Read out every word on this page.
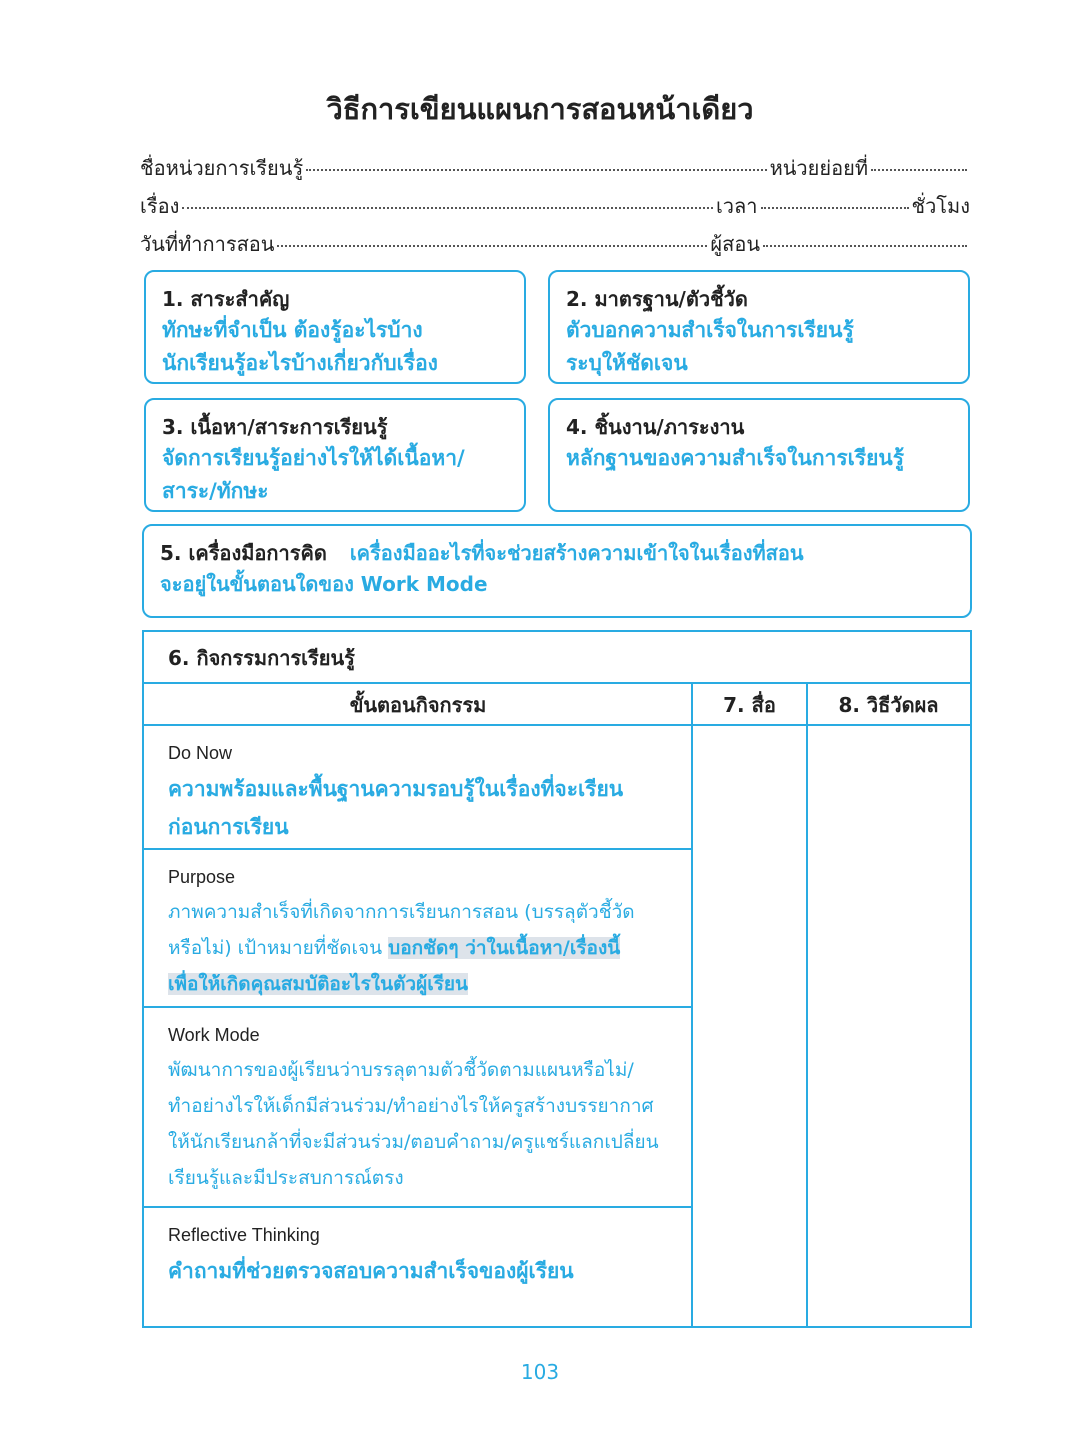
วิธีการเขียนแผนการสอนหน้าเดียว
ชื่อหน่วยการเรียนรู้	หน่วยย่อยที่
เรื่อง	เวลา	ชั่วโมง
วันที่ทำการสอน	ผู้สอน
1. สาระสำคัญ
ทักษะที่จำเป็น ต้องรู้อะไรบ้าง
นักเรียนรู้อะไรบ้างเกี่ยวกับเรื่อง
2. มาตรฐาน/ตัวชี้วัด
ตัวบอกความสำเร็จในการเรียนรู้
ระบุให้ชัดเจน
3. เนื้อหา/สาระการเรียนรู้
จัดการเรียนรู้อย่างไรให้ได้เนื้อหา/
สาระ/ทักษะ
4. ชิ้นงาน/ภาระงาน
หลักฐานของความสำเร็จในการเรียนรู้
5. เครื่องมือการคิด เครื่องมืออะไรที่จะช่วยสร้างความเข้าใจในเรื่องที่สอน
จะอยู่ในขั้นตอนใดของ Work Mode
6. กิจกรรมการเรียนรู้
ขั้นตอนกิจกรรม	7. สื่อ	8. วิธีวัดผล
Do Now
ความพร้อมและพื้นฐานความรอบรู้ในเรื่องที่จะเรียน
ก่อนการเรียน
Purpose
ภาพความสำเร็จที่เกิดจากการเรียนการสอน (บรรลุตัวชี้วัด
หรือไม่) เป้าหมายที่ชัดเจน บอกชัดๆ ว่าในเนื้อหา/เรื่องนี้
เพื่อให้เกิดคุณสมบัติอะไรในตัวผู้เรียน
Work Mode
พัฒนาการของผู้เรียนว่าบรรลุตามตัวชี้วัดตามแผนหรือไม่/
ทำอย่างไรให้เด็กมีส่วนร่วม/ทำอย่างไรให้ครูสร้างบรรยากาศ
ให้นักเรียนกล้าที่จะมีส่วนร่วม/ตอบคำถาม/ครูแชร์แลกเปลี่ยน
เรียนรู้และมีประสบการณ์ตรง
Reflective Thinking
คำถามที่ช่วยตรวจสอบความสำเร็จของผู้เรียน
103
